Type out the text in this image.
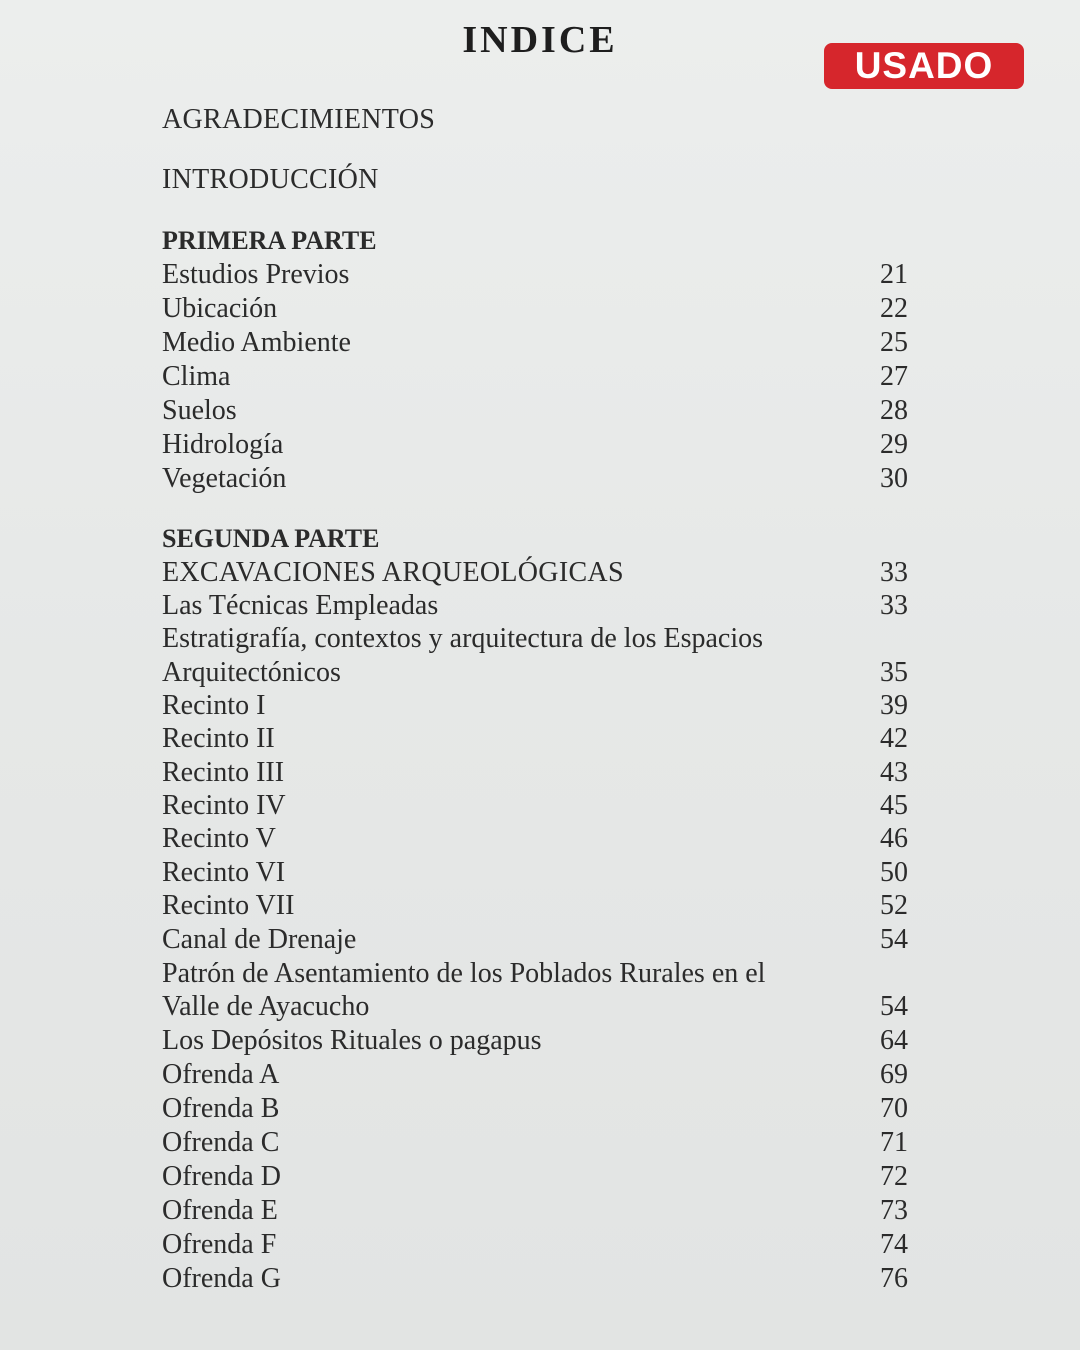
INDICE
AGRADECIMIENTOS
INTRODUCCIÓN
PRIMERA PARTE
Estudios Previos	21
Ubicación	22
Medio Ambiente	25
Clima	27
Suelos	28
Hidrología	29
Vegetación	30
SEGUNDA PARTE
EXCAVACIONES ARQUEOLÓGICAS	33
Las Técnicas Empleadas	33
Estratigrafía, contextos y arquitectura de los Espacios
Arquitectónicos	35
Recinto I	39
Recinto II	42
Recinto III	43
Recinto IV	45
Recinto V	46
Recinto VI	50
Recinto VII	52
Canal de Drenaje	54
Patrón de Asentamiento de los Poblados Rurales en el
Valle de Ayacucho	54
Los Depósitos Rituales o pagapus	64
Ofrenda A	69
Ofrenda B	70
Ofrenda C	71
Ofrenda D	72
Ofrenda E	73
Ofrenda F	74
Ofrenda G	76
USADO
